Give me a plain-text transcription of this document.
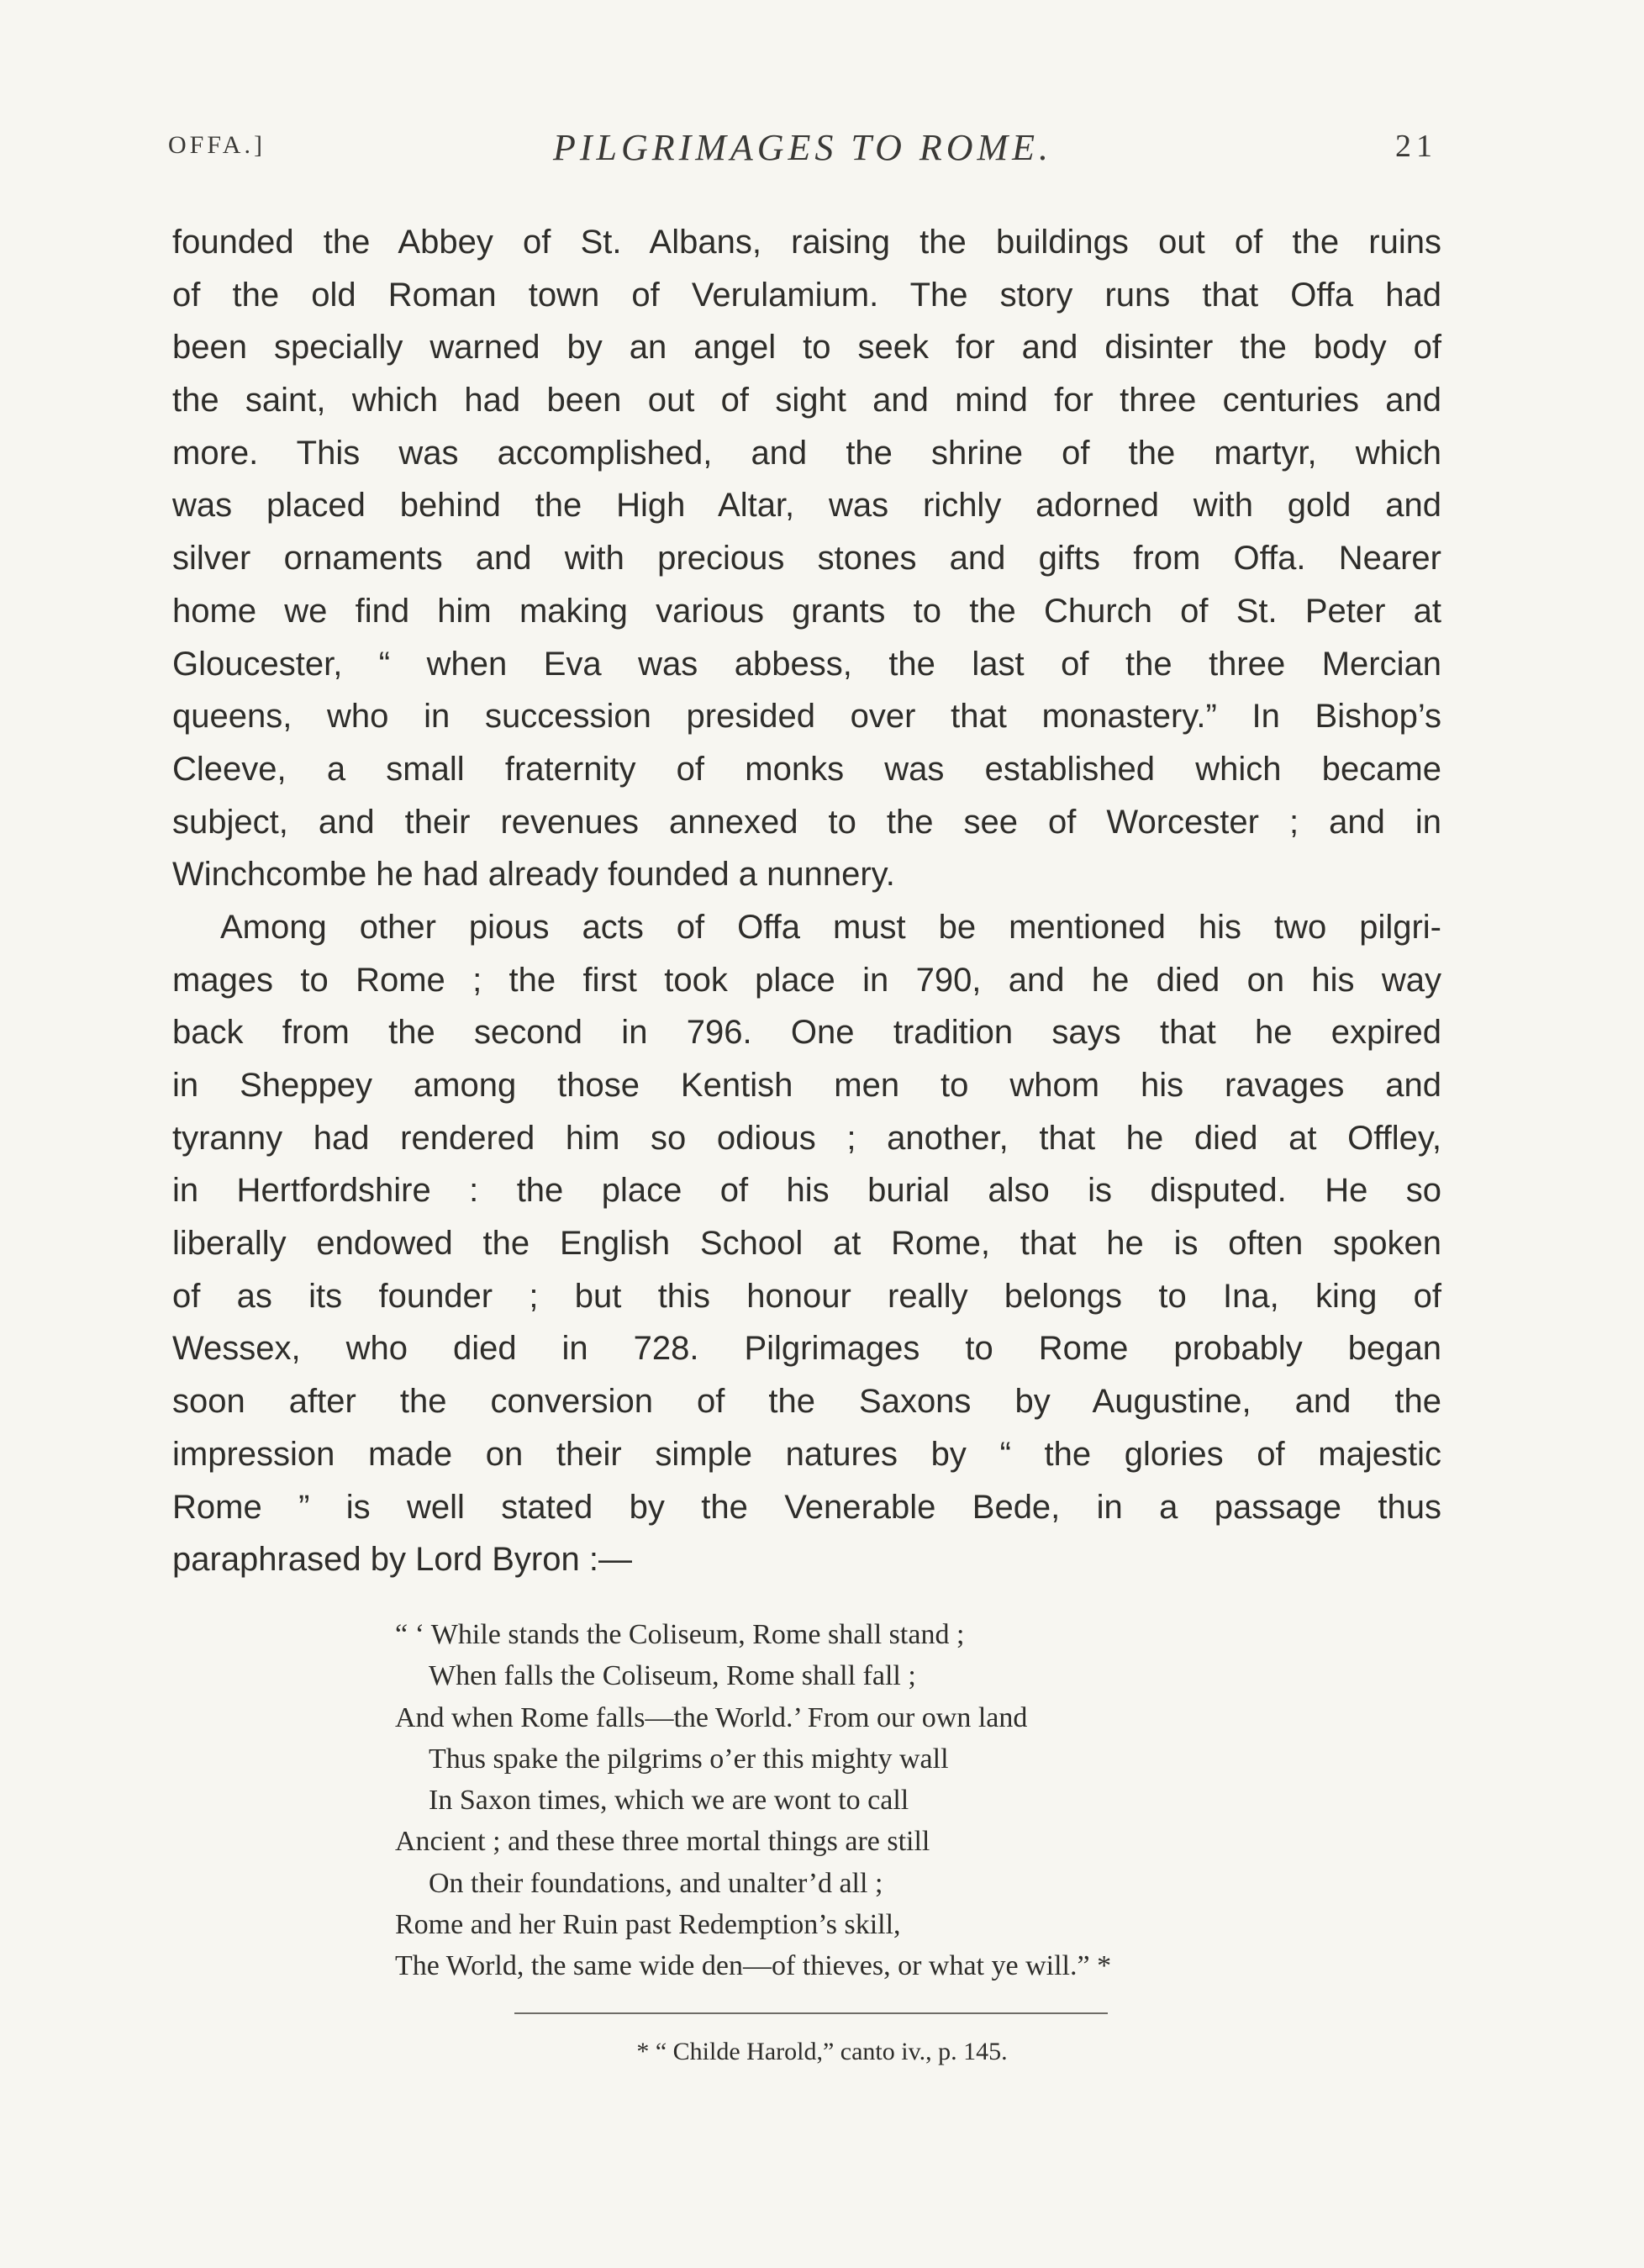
OFFA.]	PILGRIMAGES TO ROME.	21
founded the Abbey of St. Albans, raising the buildings out of the ruins
of the old Roman town of Verulamium. The story runs that Offa had
been specially warned by an angel to seek for and disinter the body of
the saint, which had been out of sight and mind for three centuries and
more. This was accomplished, and the shrine of the martyr, which
was placed behind the High Altar, was richly adorned with gold and
silver ornaments and with precious stones and gifts from Offa. Nearer
home we find him making various grants to the Church of St. Peter at
Gloucester, “ when Eva was abbess, the last of the three Mercian
queens, who in succession presided over that monastery.” In Bishop’s
Cleeve, a small fraternity of monks was established which became
subject, and their revenues annexed to the see of Worcester ; and in
Winchcombe he had already founded a nunnery.
Among other pious acts of Offa must be mentioned his two pilgri-
mages to Rome ; the first took place in 790, and he died on his way
back from the second in 796. One tradition says that he expired
in Sheppey among those Kentish men to whom his ravages and
tyranny had rendered him so odious ; another, that he died at Offley,
in Hertfordshire : the place of his burial also is disputed. He so
liberally endowed the English School at Rome, that he is often spoken
of as its founder ; but this honour really belongs to Ina, king of
Wessex, who died in 728. Pilgrimages to Rome probably began
soon after the conversion of the Saxons by Augustine, and the
impression made on their simple natures by “ the glories of majestic
Rome ” is well stated by the Venerable Bede, in a passage thus
paraphrased by Lord Byron :—
“ ‘ While stands the Coliseum, Rome shall stand ;
When falls the Coliseum, Rome shall fall ;
And when Rome falls—the World.’ From our own land
Thus spake the pilgrims o’er this mighty wall
In Saxon times, which we are wont to call
Ancient ; and these three mortal things are still
On their foundations, and unalter’d all ;
Rome and her Ruin past Redemption’s skill,
The World, the same wide den—of thieves, or what ye will.” *
* “ Childe Harold,” canto iv., p. 145.
